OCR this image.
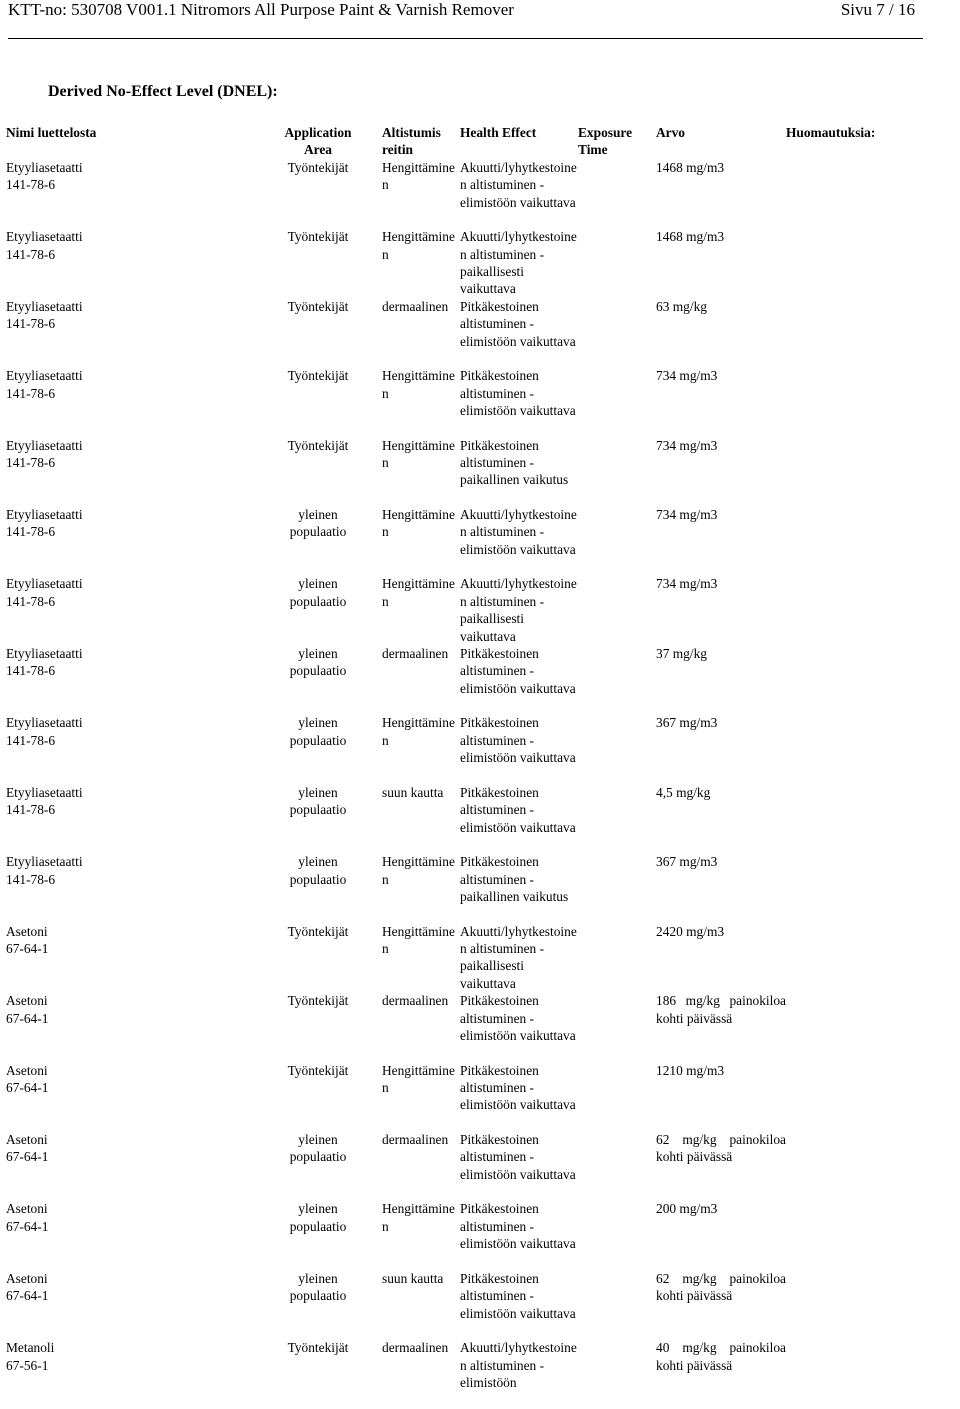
KTT-no: 530708 V001.1 Nitromors All Purpose Paint & Varnish Remover	Sivu 7 / 16
Derived No-Effect Level (DNEL):
Nimi luettelosta	Application Area	Altistumis reitin	Health Effect	Exposure Time	Arvo	Huomautuksia:

Etyyliasetaatti
141-78-6	Työntekijät	Hengittäminen	Akuutti/lyhytkestoinen altistuminen - elimistöön vaikuttava		1468 mg/m3	

Etyyliasetaatti
141-78-6	Työntekijät	Hengittäminen	Akuutti/lyhytkestoinen altistuminen - paikallisesti vaikuttava		1468 mg/m3	

Etyyliasetaatti
141-78-6	Työntekijät	dermaalinen	Pitkäkestoinen altistuminen - elimistöön vaikuttava		63 mg/kg	

Etyyliasetaatti
141-78-6	Työntekijät	Hengittäminen	Pitkäkestoinen altistuminen - elimistöön vaikuttava		734 mg/m3	

Etyyliasetaatti
141-78-6	Työntekijät	Hengittäminen	Pitkäkestoinen altistuminen - paikallinen vaikutus		734 mg/m3	

Etyyliasetaatti
141-78-6	yleinen populaatio	Hengittäminen	Akuutti/lyhytkestoinen altistuminen - elimistöön vaikuttava		734 mg/m3	

Etyyliasetaatti
141-78-6	yleinen populaatio	Hengittäminen	Akuutti/lyhytkestoinen altistuminen - paikallisesti vaikuttava		734 mg/m3	

Etyyliasetaatti
141-78-6	yleinen populaatio	dermaalinen	Pitkäkestoinen altistuminen - elimistöön vaikuttava		37 mg/kg	

Etyyliasetaatti
141-78-6	yleinen populaatio	Hengittäminen	Pitkäkestoinen altistuminen - elimistöön vaikuttava		367 mg/m3	

Etyyliasetaatti
141-78-6	yleinen populaatio	suun kautta	Pitkäkestoinen altistuminen - elimistöön vaikuttava		4,5 mg/kg	

Etyyliasetaatti
141-78-6	yleinen populaatio	Hengittäminen	Pitkäkestoinen altistuminen - paikallinen vaikutus		367 mg/m3	

Asetoni
67-64-1	Työntekijät	Hengittäminen	Akuutti/lyhytkestoinen altistuminen - paikallisesti vaikuttava		2420 mg/m3	

Asetoni
67-64-1	Työntekijät	dermaalinen	Pitkäkestoinen altistuminen - elimistöön vaikuttava		186 mg/kg painokiloa kohti päivässä	

Asetoni
67-64-1	Työntekijät	Hengittäminen	Pitkäkestoinen altistuminen - elimistöön vaikuttava		1210 mg/m3	

Asetoni
67-64-1	yleinen populaatio	dermaalinen	Pitkäkestoinen altistuminen - elimistöön vaikuttava		62 mg/kg painokiloa kohti päivässä	

Asetoni
67-64-1	yleinen populaatio	Hengittäminen	Pitkäkestoinen altistuminen - elimistöön vaikuttava		200 mg/m3	

Asetoni
67-64-1	yleinen populaatio	suun kautta	Pitkäkestoinen altistuminen - elimistöön vaikuttava		62 mg/kg painokiloa kohti päivässä	

Metanoli
67-56-1	Työntekijät	dermaalinen	Akuutti/lyhytkestoinen altistuminen - elimistöön		40 mg/kg painokiloa kohti päivässä	
